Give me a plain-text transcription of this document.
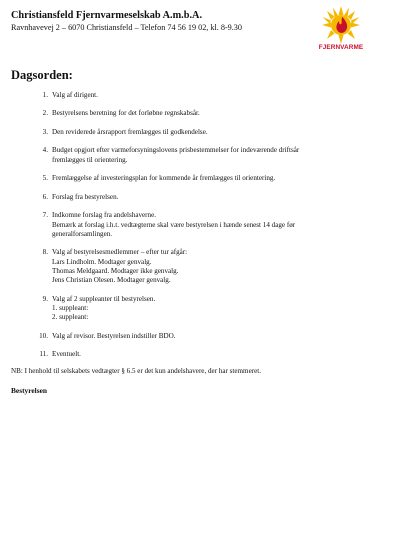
Christiansfeld Fjernvarmeselskab A.m.b.A.
Ravnhavevej 2 – 6070 Christiansfeld – Telefon 74 56 19 02, kl. 8-9.30
FJERNVARME
Dagsorden:
1. Valg af dirigent.
2. Bestyrelsens beretning for det forløbne regnskabsår.
3. Den reviderede årsrapport fremlægges til godkendelse.
4. Budget opgjort efter varmeforsyningslovens prisbestemmelser for indeværende driftsår
fremlægges til orientering.
5. Fremlæggelse af investeringsplan for kommende år fremlægges til orientering.
6. Forslag fra bestyrelsen.
7. Indkomne forslag fra andelshaverne.
Bemærk at forslag i.h.t. vedtægterne skal være bestyrelsen i hænde senest 14 dage før
generalforsamlingen.
8. Valg af bestyrelsesmedlemmer – efter tur afgår:
Lars Lindholm. Modtager genvalg.
Thomas Meldgaard. Modtager ikke genvalg.
Jens Christian Olesen. Modtager genvalg.
9. Valg af 2 suppleanter til bestyrelsen.
1. suppleant:
2. suppleant:
10. Valg af revisor. Bestyrelsen indstiller BDO.
11. Eventuelt.
NB: I henhold til selskabets vedtægter § 6.5 er det kun andelshavere, der har stemmeret.
Bestyrelsen
